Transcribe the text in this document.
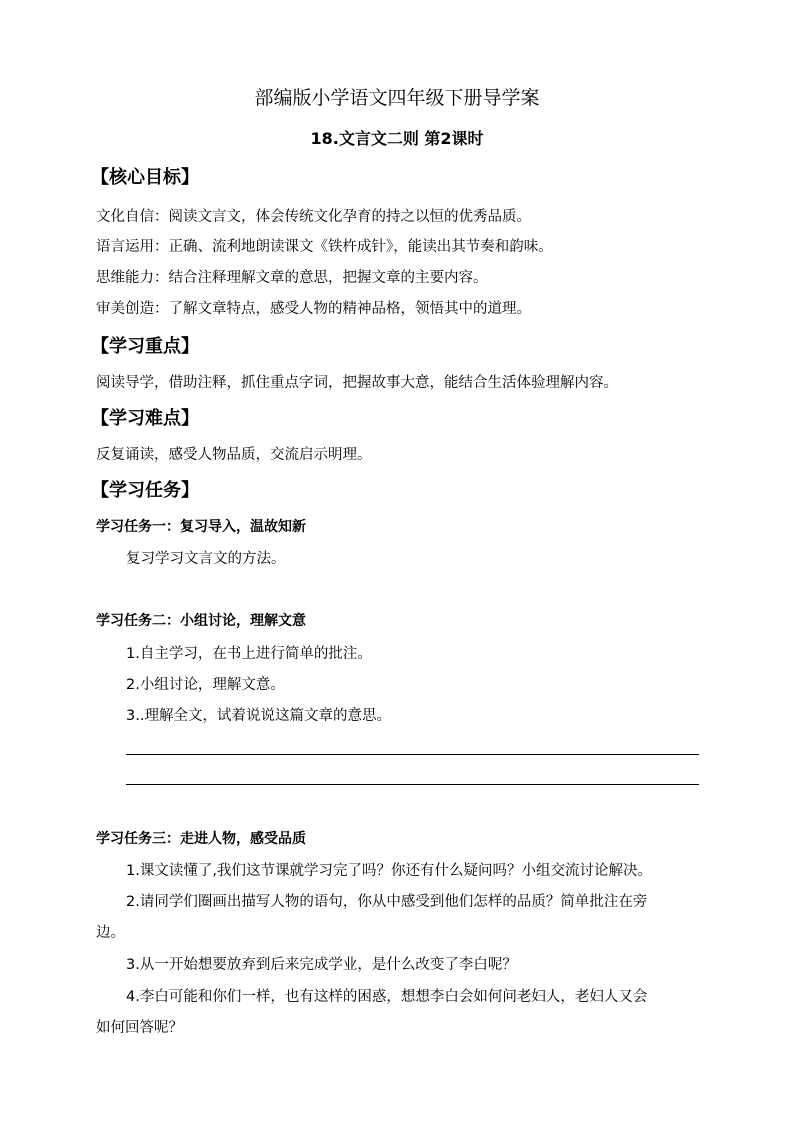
部编版小学语文四年级下册导学案
18.文言文二则 第2课时
【核心目标】
文化自信：阅读文言文，体会传统文化孕育的持之以恒的优秀品质。
语言运用：正确、流利地朗读课文《铁杵成针》，能读出其节奏和韵味。
思维能力：结合注释理解文章的意思，把握文章的主要内容。
审美创造：了解文章特点，感受人物的精神品格，领悟其中的道理。
【学习重点】
阅读导学，借助注释，抓住重点字词，把握故事大意，能结合生活体验理解内容。
【学习难点】
反复诵读，感受人物品质，交流启示明理。
【学习任务】
学习任务一：复习导入，温故知新
复习学习文言文的方法。
学习任务二：小组讨论，理解文意
1.自主学习，在书上进行简单的批注。
2.小组讨论，理解文意。
3..理解全文，试着说说这篇文章的意思。
学习任务三：走进人物，感受品质
1.课文读懂了,我们这节课就学习完了吗？你还有什么疑问吗？小组交流讨论解决。
2.请同学们圈画出描写人物的语句，你从中感受到他们怎样的品质？简单批注在旁
边。
3.从一开始想要放弃到后来完成学业，是什么改变了李白呢？
4.李白可能和你们一样，也有这样的困惑，想想李白会如何问老妇人，老妇人又会
如何回答呢？
